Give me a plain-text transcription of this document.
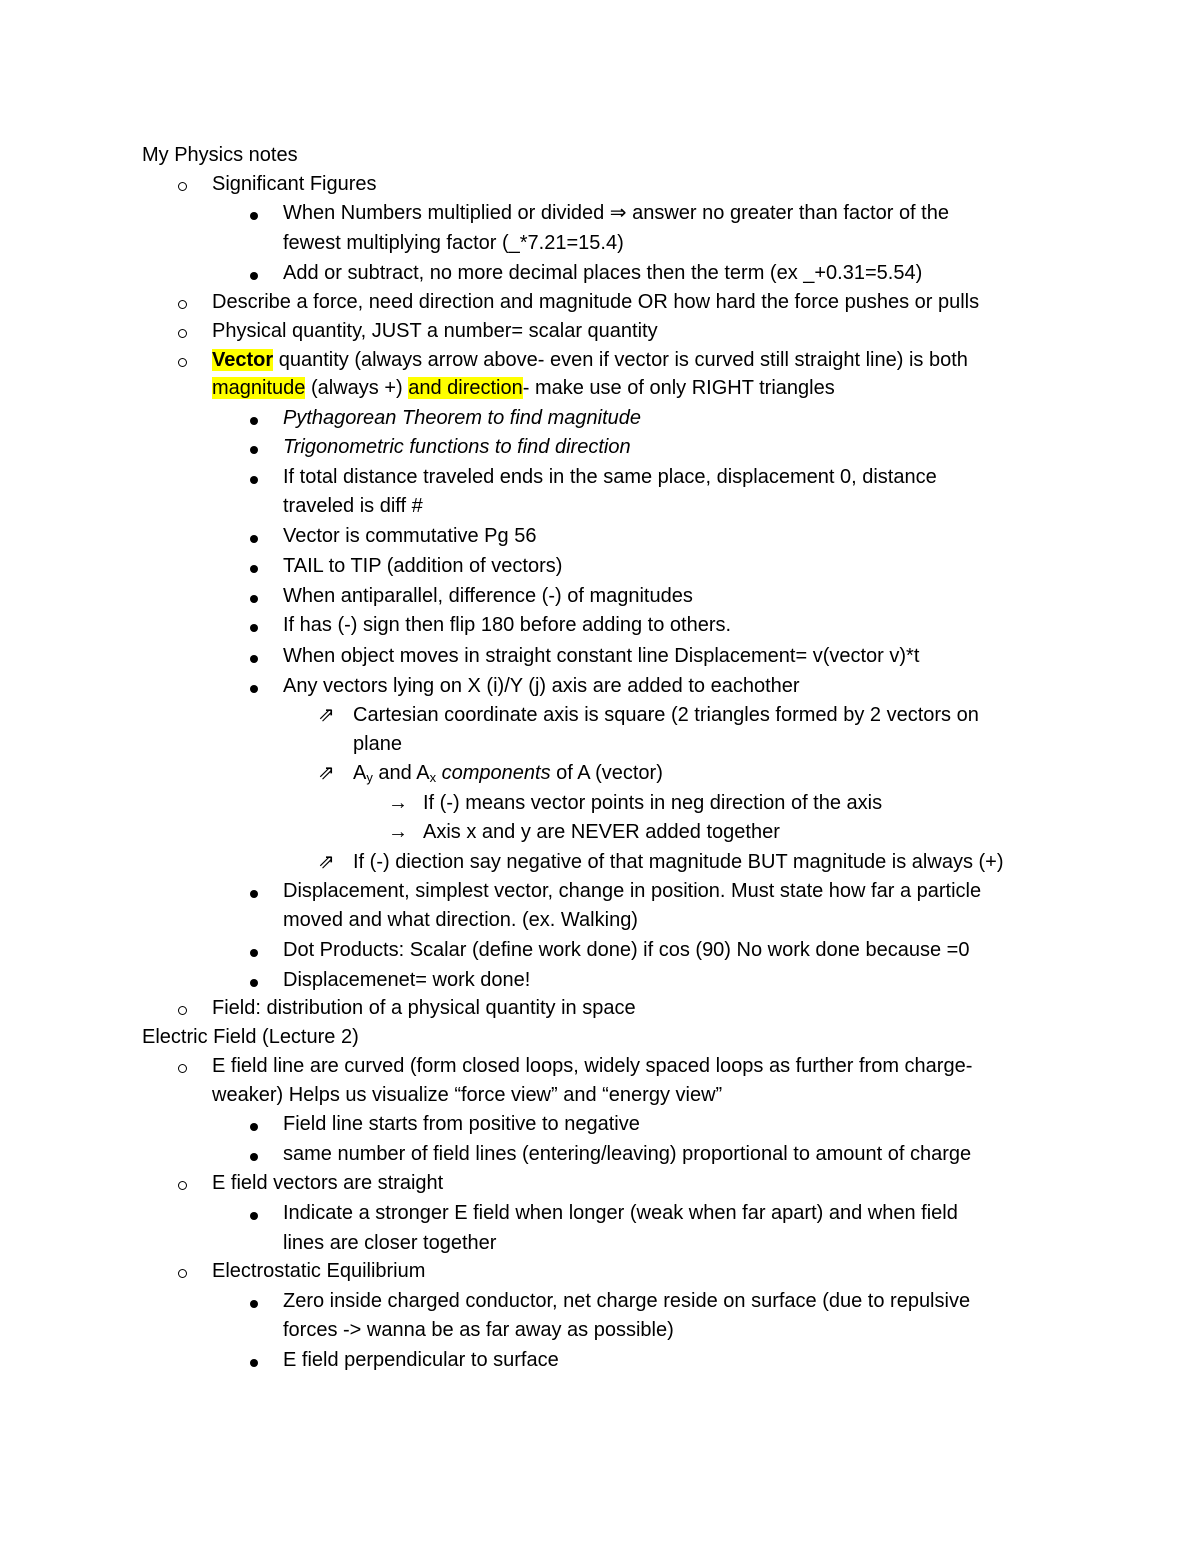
My Physics notes
Significant Figures
When Numbers multiplied or divided ⇒ answer no greater than factor of the
fewest multiplying factor (_*7.21=15.4)
Add or subtract, no more decimal places then the term (ex _+0.31=5.54)
Describe a force, need direction and magnitude OR how hard the force pushes or pulls
Physical quantity, JUST a number= scalar quantity
Vector quantity (always arrow above- even if vector is curved still straight line) is both
magnitude (always +) and direction- make use of only RIGHT triangles
Pythagorean Theorem to find magnitude
Trigonometric functions to find direction
If total distance traveled ends in the same place, displacement 0, distance
traveled is diff #
Vector is commutative Pg 56
TAIL to TIP (addition of vectors)
When antiparallel, difference (-) of magnitudes
If has (-) sign then flip 180 before adding to others.
When object moves in straight constant line Displacement= v(vector v)*t
Any vectors lying on X (i)/Y (j) axis are added to eachother
⇗ Cartesian coordinate axis is square (2 triangles formed by 2 vectors on
plane
⇗ $A_y$ and $A_x$ components of A (vector)
→ If (-) means vector points in neg direction of the axis
→ Axis x and y are NEVER added together
⇗ If (-) diection say negative of that magnitude BUT magnitude is always (+)
Displacement, simplest vector, change in position. Must state how far a particle
moved and what direction. (ex. Walking)
Dot Products: Scalar (define work done) if cos (90) No work done because =0
Displacemenet= work done!
Field: distribution of a physical quantity in space
Electric Field (Lecture 2)
E field line are curved (form closed loops, widely spaced loops as further from charge-
weaker) Helps us visualize “force view” and “energy view”
Field line starts from positive to negative
same number of field lines (entering/leaving) proportional to amount of charge
E field vectors are straight
Indicate a stronger E field when longer (weak when far apart) and when field
lines are closer together
Electrostatic Equilibrium
Zero inside charged conductor, net charge reside on surface (due to repulsive
forces -> wanna be as far away as possible)
E field perpendicular to surface
